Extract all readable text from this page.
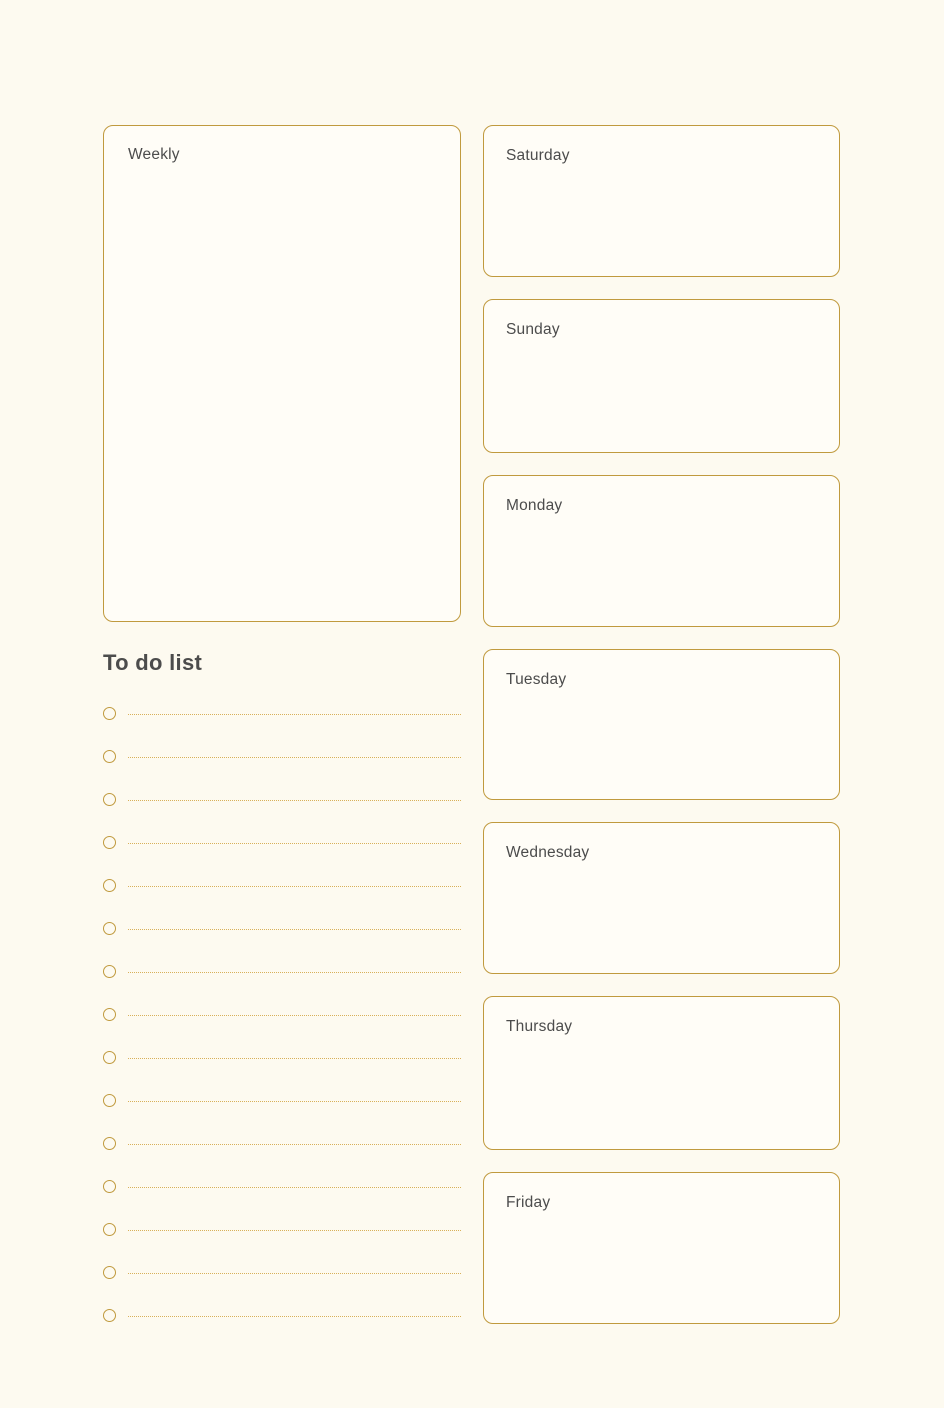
Weekly
To do list
Saturday
Sunday
Monday
Tuesday
Wednesday
Thursday
Friday
